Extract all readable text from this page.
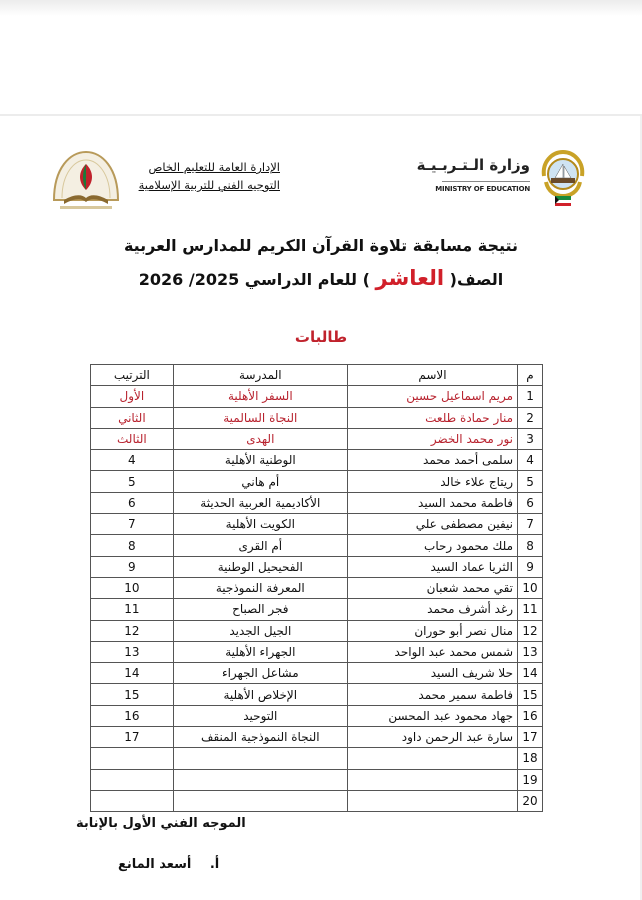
وزارة الـتـربـيـة
MINISTRY OF EDUCATION
الإدارة العامة للتعليم الخاص
التوجيه الفني للتربية الإسلامية
نتيجة مسابقة تلاوة القرآن الكريم للمدارس العربية
الصف( العاشر ) للعام الدراسي 2025/ 2026
طالبات
م	الاسم	المدرسة	الترتيب
1	مريم اسماعيل حسين	السفر الأهلية	الأول
2	منار حمادة طلعت	النجاة السالمية	الثاني
3	نور محمد الخضر	الهدى	الثالث
4	سلمى أحمد محمد	الوطنية الأهلية	4
5	ريتاج علاء خالد	أم هاني	5
6	فاطمة محمد السيد	الأكاديمية العربية الحديثة	6
7	نيفين مصطفى علي	الكويت الأهلية	7
8	ملك محمود رحاب	أم القرى	8
9	الثريا عماد السيد	الفحيحيل الوطنية	9
10	تقي محمد شعبان	المعرفة النموذجية	10
11	رغد أشرف محمد	فجر الصباح	11
12	منال نصر أبو حوران	الجيل الجديد	12
13	شمس محمد عبد الواحد	الجهراء الأهلية	13
14	حلا شريف السيد	مشاعل الجهراء	14
15	فاطمة سمير محمد	الإخلاص الأهلية	15
16	جهاد محمود عبد المحسن	التوحيد	16
17	سارة عبد الرحمن داود	النجاة النموذجية المنقف	17
18			
19			
20			
الموجه الفني الأول بالإنابة
أ. أسعد المانع
